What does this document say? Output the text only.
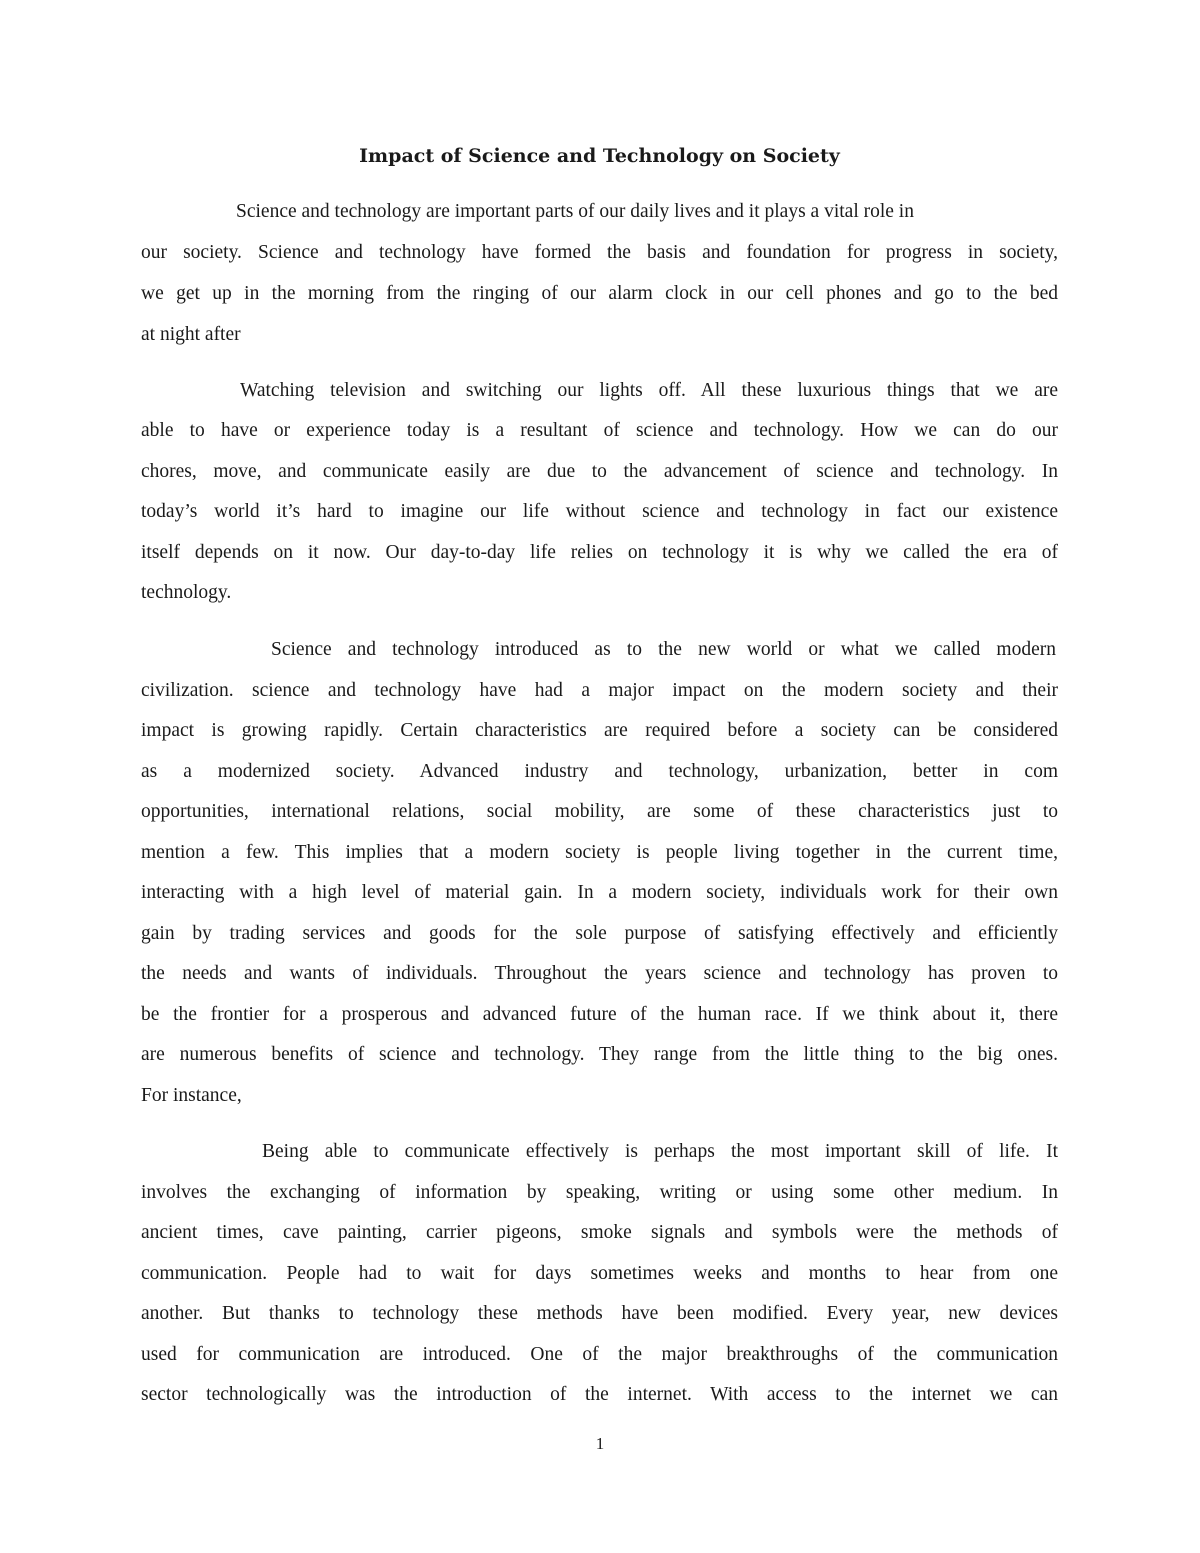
Impact of Science and Technology on Society

Science and technology are important parts of our daily lives and it plays a vital role in

our society. Science and technology have formed the basis and foundation for progress in society,

we get up in the morning from the ringing of our alarm clock in our cell phones and go to the bed

at night after

Watching television and switching our lights off. All these luxurious things that we are

able to have or experience today is a resultant of science and technology. How we can do our

chores, move, and communicate easily are due to the advancement of science and technology. In

today’s world it’s hard to imagine our life without science and technology in fact our existence

itself depends on it now. Our day-to-day life relies on technology it is why we called the era of

technology.

Science and technology introduced as to the new world or what we called modern

civilization. science and technology have had a major impact on the modern society and their

impact is growing rapidly. Certain characteristics are required before a society can be considered

as a modernized society. Advanced industry and technology, urbanization, better in com

opportunities, international relations, social mobility, are some of these characteristics just to

mention a few. This implies that a modern society is people living together in the current time,

interacting with a high level of material gain. In a modern society, individuals work for their own

gain by trading services and goods for the sole purpose of satisfying effectively and efficiently

the needs and wants of individuals. Throughout the years science and technology has proven to

be the frontier for a prosperous and advanced future of the human race. If we think about it, there

are numerous benefits of science and technology. They range from the little thing to the big ones.

For instance,

Being able to communicate effectively is perhaps the most important skill of life. It

involves the exchanging of information by speaking, writing or using some other medium. In

ancient times, cave painting, carrier pigeons, smoke signals and symbols were the methods of

communication. People had to wait for days sometimes weeks and months to hear from one

another. But thanks to technology these methods have been modified. Every year, new devices

used for communication are introduced. One of the major breakthroughs of the communication

sector technologically was the introduction of the internet. With access to the internet we can

1
